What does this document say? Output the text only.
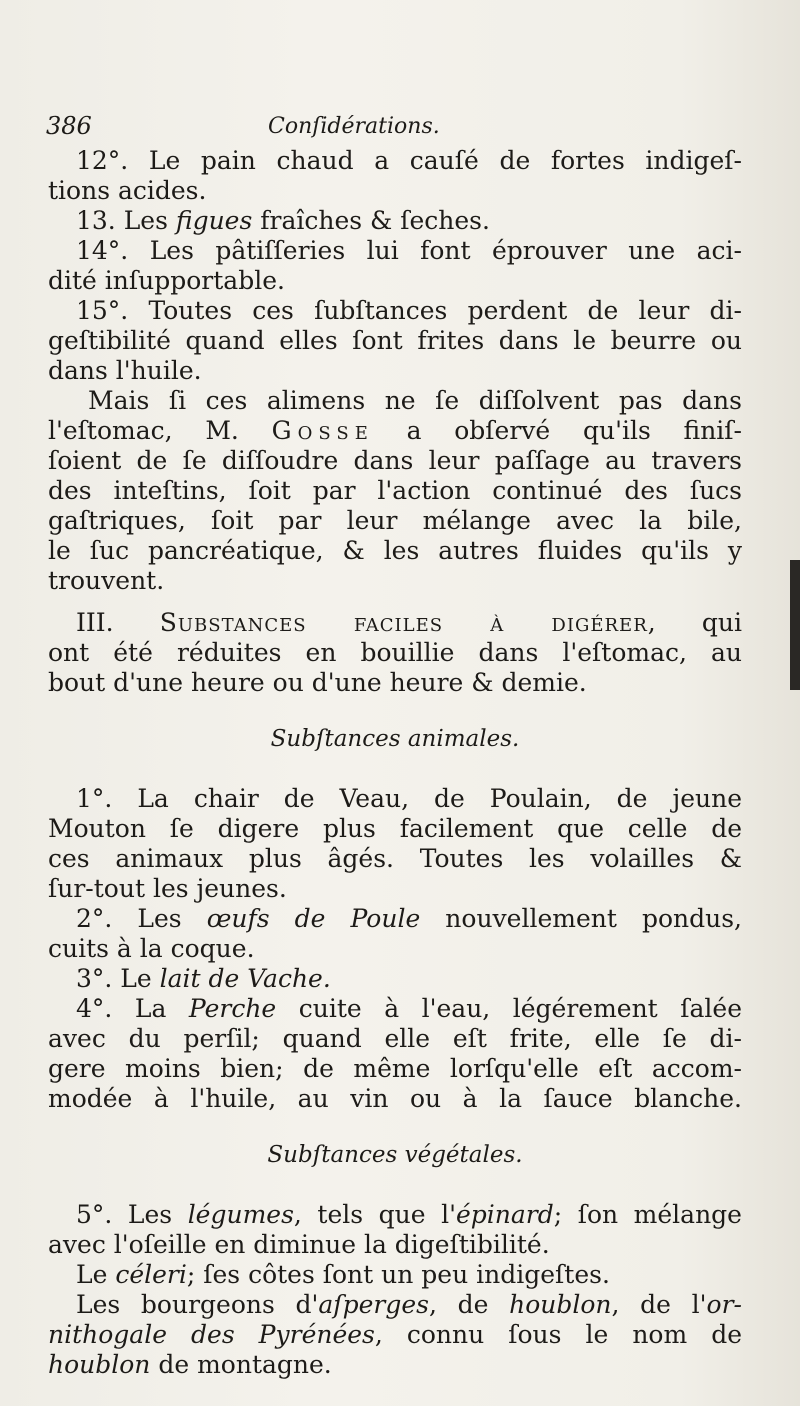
386	Conſidérations.
12°. Le pain chaud a cauſé de fortes indigeſ-
tions acides.
13. Les figues fraîches & ſeches.
14°. Les pâtiſſeries lui font éprouver une aci-
dité inſupportable.
15°. Toutes ces ſubſtances perdent de leur di-
geſtibilité quand elles ſont frites dans le beurre ou
dans l'huile.
Mais ſi ces alimens ne ſe diſſolvent pas dans
l'eſtomac, M. Gosse a obſervé qu'ils finiſ-
ſoient de ſe diſſoudre dans leur paſſage au travers
des inteſtins, ſoit par l'action continué des ſucs
gaſtriques, ſoit par leur mélange avec la bile,
le ſuc pancréatique, & les autres fluides qu'ils y
trouvent.
III. Substances faciles à digérer, qui
ont été réduites en bouillie dans l'eſtomac, au
bout d'une heure ou d'une heure & demie.
Subſtances animales.
1°. La chair de Veau, de Poulain, de jeune
Mouton ſe digere plus facilement que celle de
ces animaux plus âgés. Toutes les volailles &
ſur-tout les jeunes.
2°. Les œufs de Poule nouvellement pondus,
cuits à la coque.
3°. Le lait de Vache.
4°. La Perche cuite à l'eau, légérement ſalée
avec du perſil; quand elle eſt frite, elle ſe di-
gere moins bien; de même lorſqu'elle eſt accom-
modée à l'huile, au vin ou à la ſauce blanche.
Subſtances végétales.
5°. Les légumes, tels que l'épinard; ſon mélange
avec l'oſeille en diminue la digeſtibilité.
Le céleri; ſes côtes ſont un peu indigeſtes.
Les bourgeons d'aſperges, de houblon, de l'or-
nithogale des Pyrénées, connu ſous le nom de
houblon de montagne.
